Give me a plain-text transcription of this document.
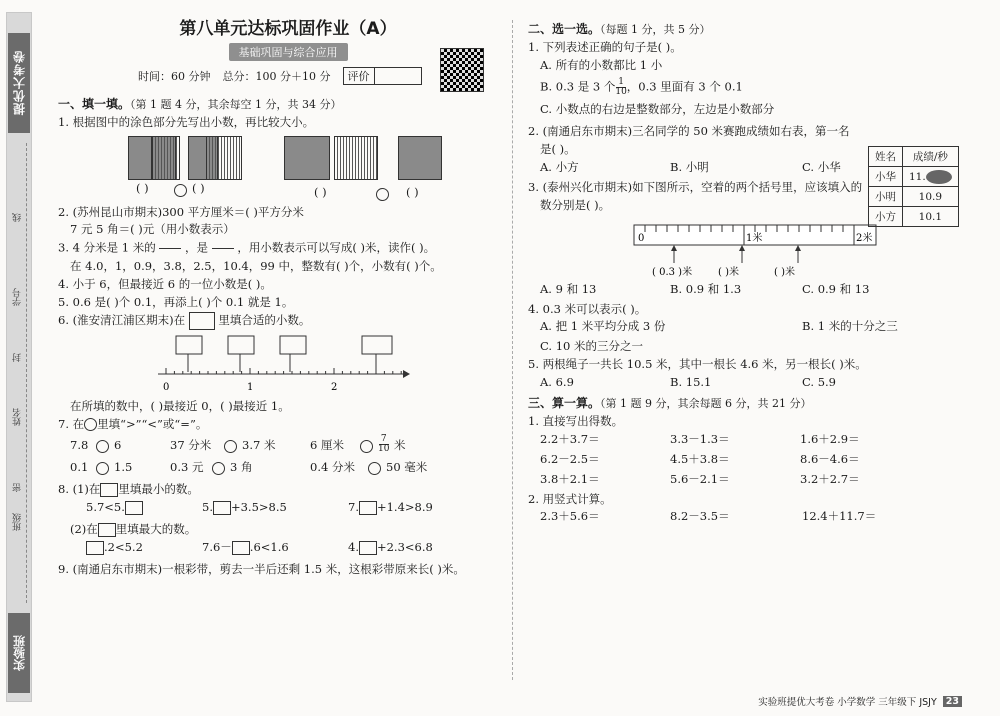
提优大考卷
线
学号
封
姓名
密
班级
实验班
第八单元达标巩固作业（A）
基础巩固与综合应用
时间：60 分钟 总分：100 分＋10 分	评价
一、填一填。（第 1 题 4 分，其余每空 1 分，共 34 分）
1. 根据图中的涂色部分先写出小数，再比较大小。
( )	( )	( )	( )
2. (苏州昆山市期末)300 平方厘米＝( )平方分米
7 元 5 角＝( )元（用小数表示）
3. 4 分米是 1 米的

  	，是

  	，用小数表示可以写成( )米，读作( )。
在 4.0，1，0.9，3.8，2.5，10.4，99 中，整数有( )个，小数有( )个。
4. 小于 6，但最接近 6 的一位小数是( )。
5. 0.6 是( )个 0.1，再添上( )个 0.1 就是 1。
6. (淮安清江浦区期末)在	里填合适的小数。
0	1	2
在所填的数中，( )最接近 0，( )最接近 1。
7. 在 里填“>”“<”或“=”。
7.8 6	37 分米	3.7 米	6 厘米	$\frac{7}{10}$ 米
0.1 1.5	0.3 元 3 角	0.4 分米	50 毫米
8. (1)在 里填最小的数。
5.7<5.	5. +3.5>8.5	7. +1.4>8.9
(2)在 里填最大的数。
.2<5.2	7.6－ .6<1.6	4. +2.3<6.8
9. (南通启东市期末)一根彩带，剪去一半后还剩 1.5 米，这根彩带原来长( )米。
二、选一选。（每题 1 分，共 5 分）
1. 下列表述正确的句子是( )。
A. 所有的小数都比 1 小
B. 0.3 是 3 个 $\frac{1}{10}$ ，0.3 里面有 3 个 0.1
C. 小数点的右边是整数部分，左边是小数部分
2. (南通启东市期末)三名同学的 50 米赛跑成绩如右表，第一名
是( )。
A. 小方	B. 小明	C. 小华
3. (泰州兴化市期末)如下图所示，空着的两个括号里，应该填入的
数分别是( )。
0	1米	2米
( 0.3 )米	( )米	( )米
A. 9 和 13	B. 0.9 和 1.3	C. 0.9 和 13
4. 0.3 米可以表示( )。
A. 把 1 米平均分成 3 份	B. 1 米的十分之三
C. 10 米的三分之一
5. 两根绳子一共长 10.5 米，其中一根长 4.6 米，另一根长( )米。
A. 6.9	B. 15.1	C. 5.9
三、算一算。（第 1 题 9 分，其余每题 6 分，共 21 分）
1. 直接写出得数。
2.2＋3.7＝	3.3－1.3＝	1.6＋2.9＝
6.2－2.5＝	4.5＋3.8＝	8.6－4.6＝
3.8＋2.1＝	5.6－2.1＝	3.2＋2.7＝
2. 用竖式计算。
2.3＋5.6＝	8.2－3.5＝	12.4＋11.7＝
姓名	成绩/秒
小华	11.
小明	10.9
小方	10.1
实验班提优大考卷 小学数学 三年级下 JSJY 23
